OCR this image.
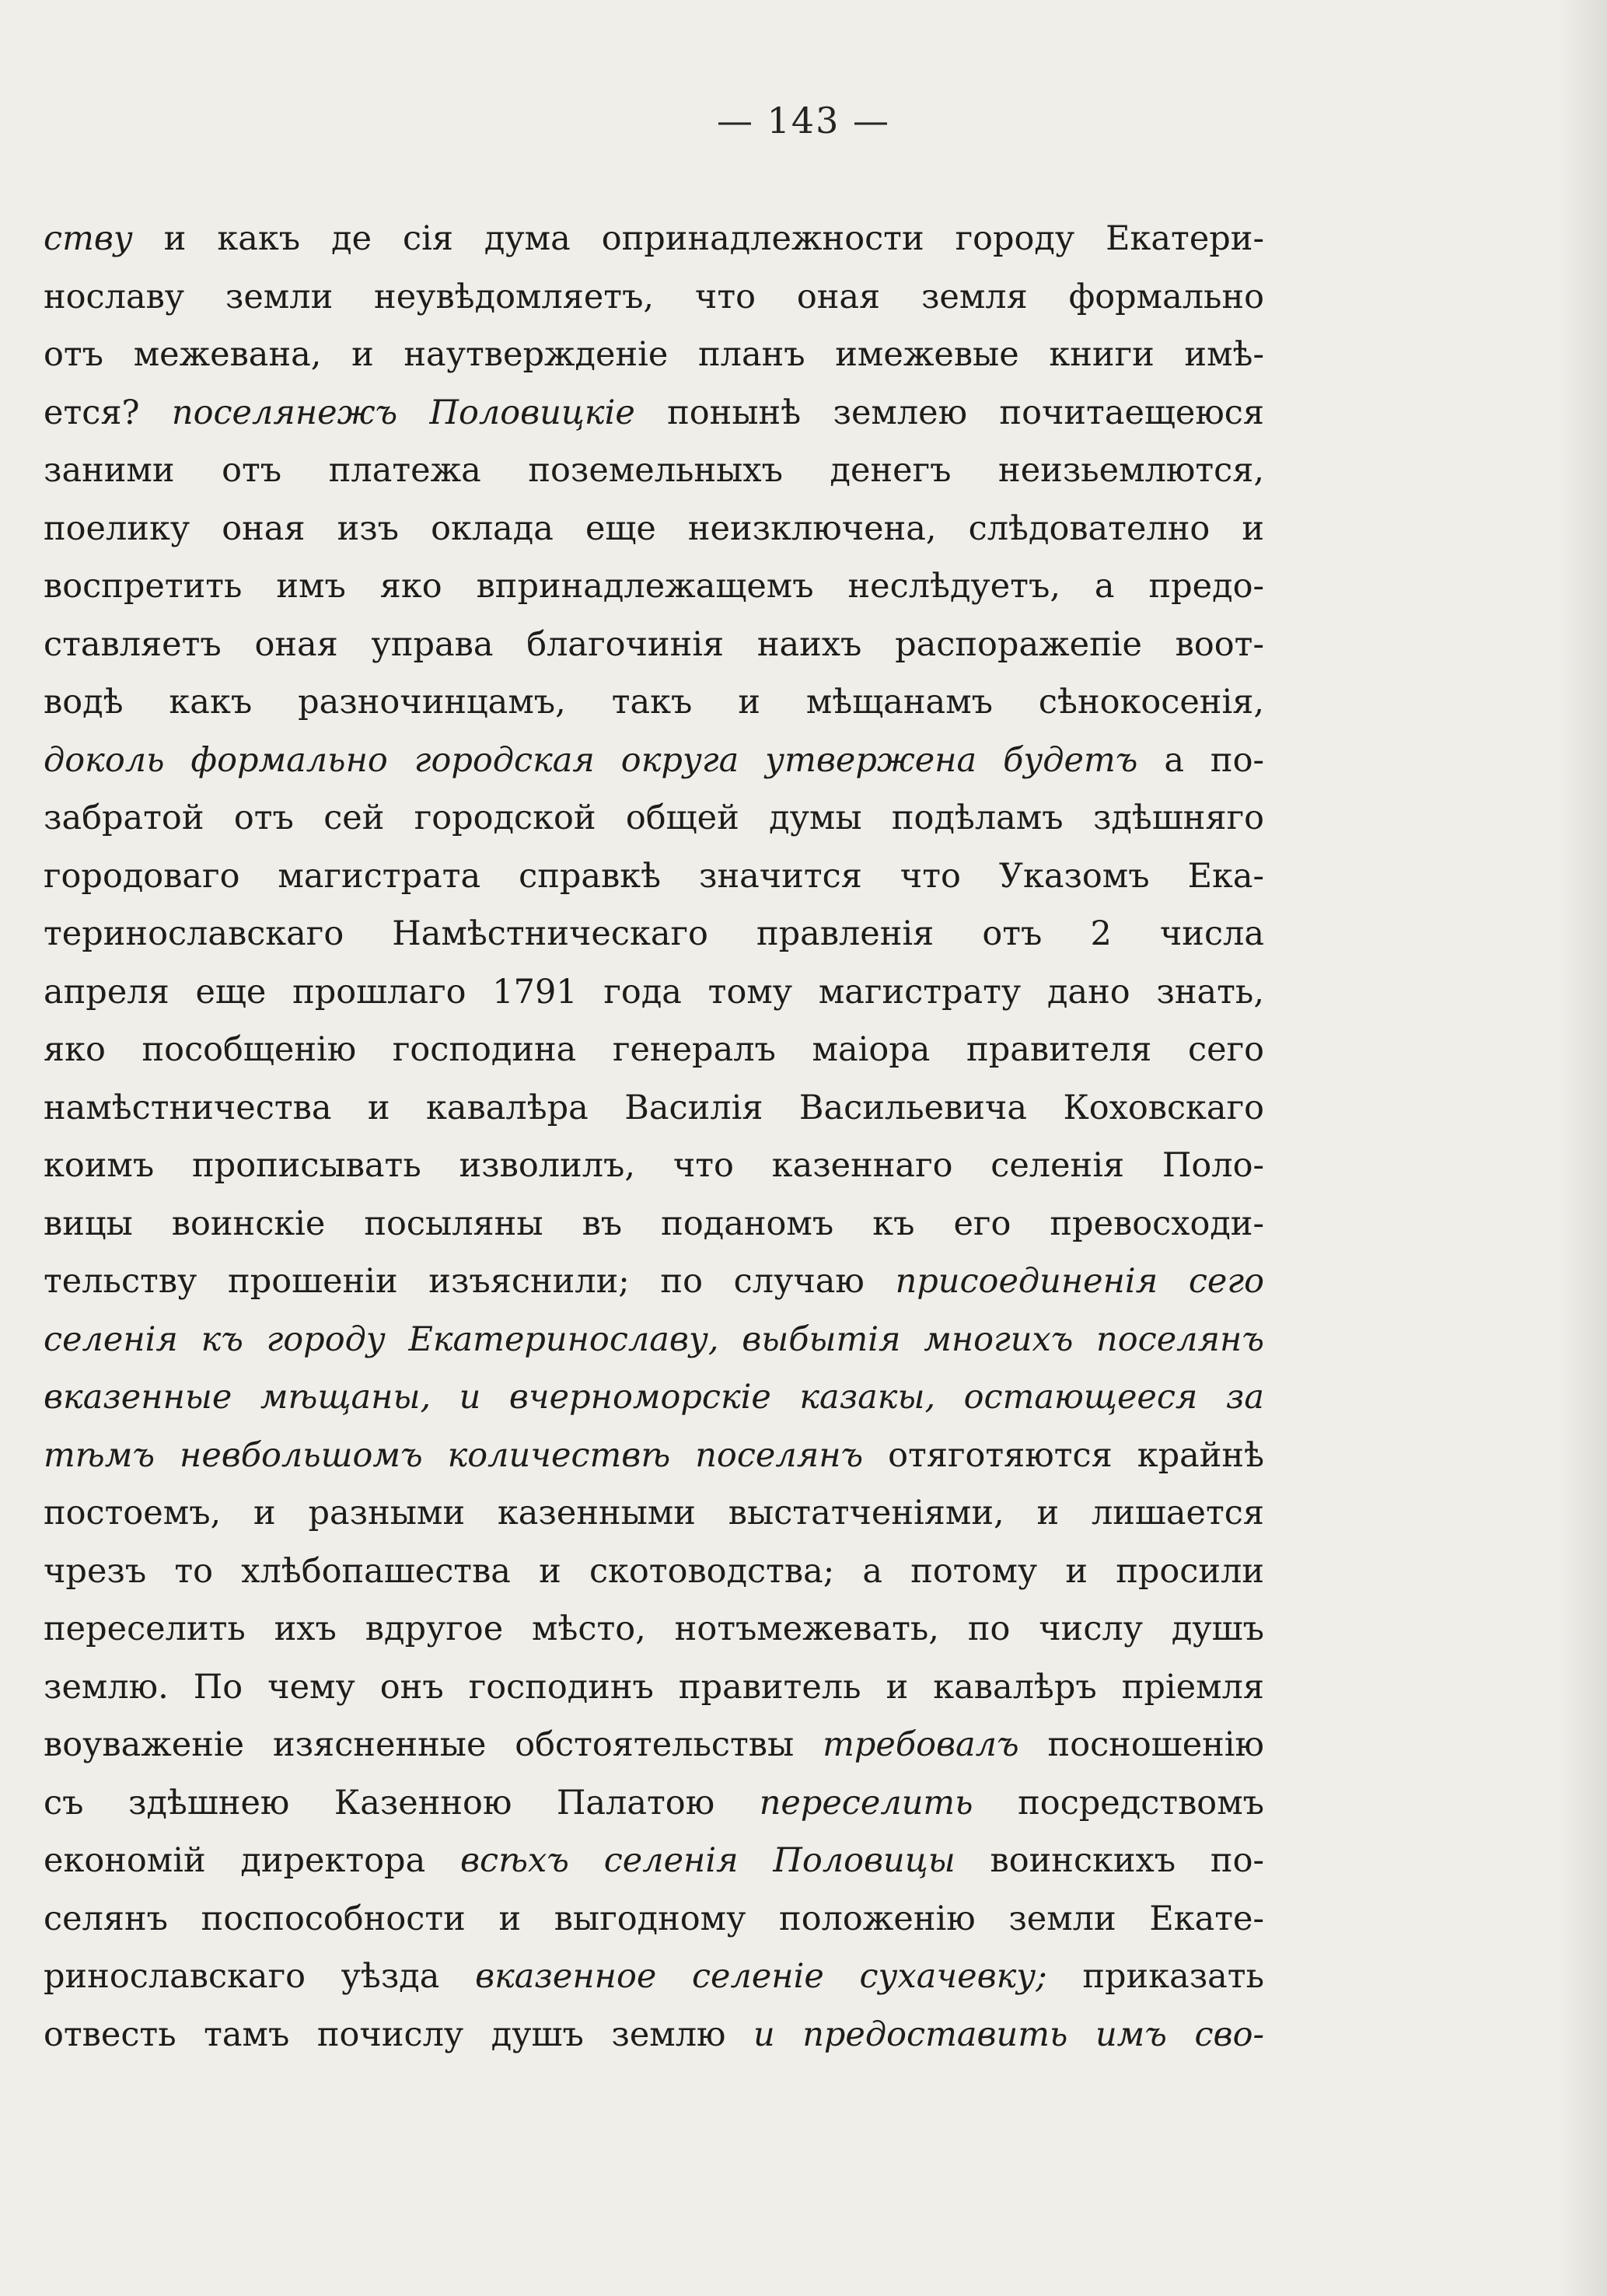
— 143 —
ству и какъ де сія дума опринадлежности городу Екатери-
нославу земли неувѣдомляетъ, что оная земля формально
отъ межевана, и наутвержденіе планъ имежевые книги имѣ-
ется? поселянежъ Половицкіе понынѣ землею почитаещеюся
заними отъ платежа поземельныхъ денегъ неизьемлются,
поелику оная изъ оклада еще неизключена, слѣдователно и
воспретить имъ яко впринадлежащемъ неслѣдуетъ, а предо-
ставляетъ оная управа благочинія наихъ распоражепіе воот-
водѣ какъ разночинцамъ, такъ и мѣщанамъ сѣнокосенія,
доколь формально городская округа утвержена будетъ а по-
забратой отъ сей городской общей думы подѣламъ здѣшняго
городоваго магистрата справкѣ значится что Указомъ Ека-
теринославскаго Намѣстническаго правленія отъ 2 числа
апреля еще прошлаго 1791 года тому магистрату дано знать,
яко пособщенію господина генералъ маіора правителя сего
намѣстничества и кавалѣра Василія Васильевича Коховскаго
коимъ прописывать изволилъ, что казеннаго селенія Поло-
вицы воинскіе посыляны въ поданомъ къ его превосходи-
тельству прошеніи изъяснили; по случаю присоединенія сего
селенія къ городу Екатеринославу, выбытія многихъ поселянъ
вказенные мѣщаны, и вчерноморскіе казакы, остающееся за
тѣмъ невбольшомъ количествѣ поселянъ отяготяются крайнѣ
постоемъ, и разными казенными выстатченіями, и лишается
чрезъ то хлѣбопашества и скотоводства; а потому и просили
переселить ихъ вдругое мѣсто, нотъмежевать, по числу душъ
землю. По чему онъ господинъ правитель и кавалѣръ пріемля
воуваженіе изясненные обстоятельствы требовалъ посношенію
съ здѣшнею Казенною Палатою переселить посредствомъ
економій директора всѣхъ селенія Половицы воинскихъ по-
селянъ поспособности и выгодному положенію земли Екате-
ринославскаго уѣзда вказенное селеніе сухачевку; приказать
отвесть тамъ почислу душъ землю и предоставить имъ сво-
